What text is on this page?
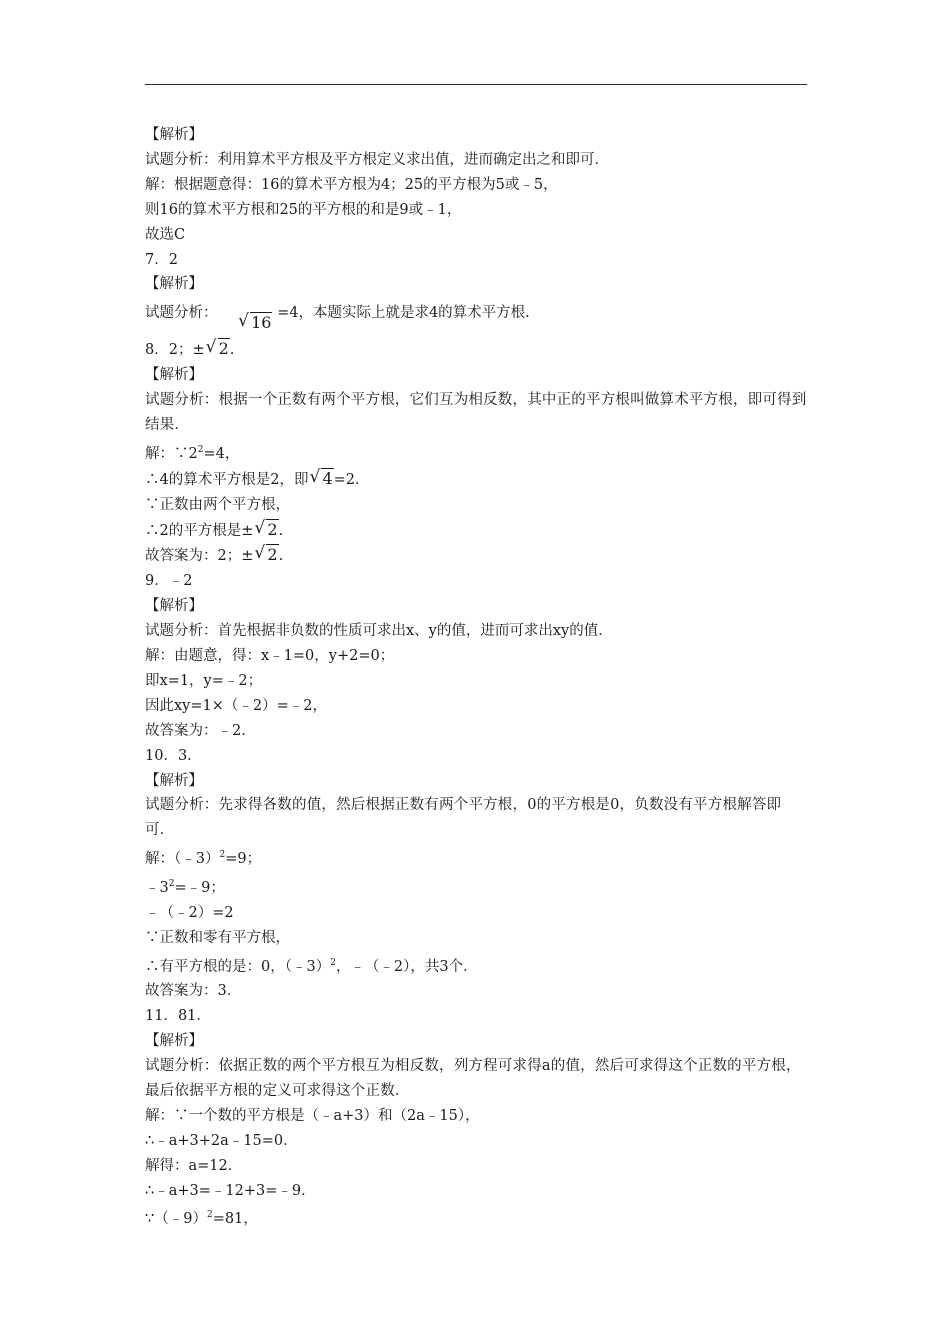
【解析】
试题分析：利用算术平方根及平方根定义求出值，进而确定出之和即可．
解：根据题意得：16的算术平方根为4；25的平方根为5或﹣5，
则16的算术平方根和25的平方根的和是9或﹣1，
故选C
7．2
【解析】
试题分析： √ 16 =4，本题实际上就是求4的算术平方根.
8．2；± √ 2.
【解析】
试题分析：根据一个正数有两个平方根，它们互为相反数，其中正的平方根叫做算术平方根，即可得到结果．
解：$\because 2^2=4$，
∴4的算术平方根是2，即 √ 4=2．
∵正数由两个平方根，
∴2的平方根是± √ 2.
故答案为：2；± √ 2.
9．﹣2
【解析】
试题分析：首先根据非负数的性质可求出x、y的值，进而可求出xy的值．
解：由题意，得：x﹣1=0，y+2=0；
即x=1，y=﹣2；
因此xy=1×（﹣2）=﹣2，
故答案为：﹣2．
10．3．
【解析】
试题分析：先求得各数的值，然后根据正数有两个平方根，0的平方根是0，负数没有平方根解答即可．
解：（﹣3）$^2$=9；
$﹣3^2=﹣9$；
﹣（﹣2）=2
∵正数和零有平方根，
∴有平方根的是：0，（﹣3）$^2$，﹣（﹣2），共3个．
故答案为：3．
11．81．
【解析】
试题分析：依据正数的两个平方根互为相反数，列方程可求得a的值，然后可求得这个正数的平方根，最后依据平方根的定义可求得这个正数．
解：∵一个数的平方根是（﹣a+3）和（2a﹣15），
∴﹣a+3+2a﹣15=0．
解得：a=12．
∴﹣a+3=﹣12+3=﹣9．
∵（﹣9）$^2$=81，
